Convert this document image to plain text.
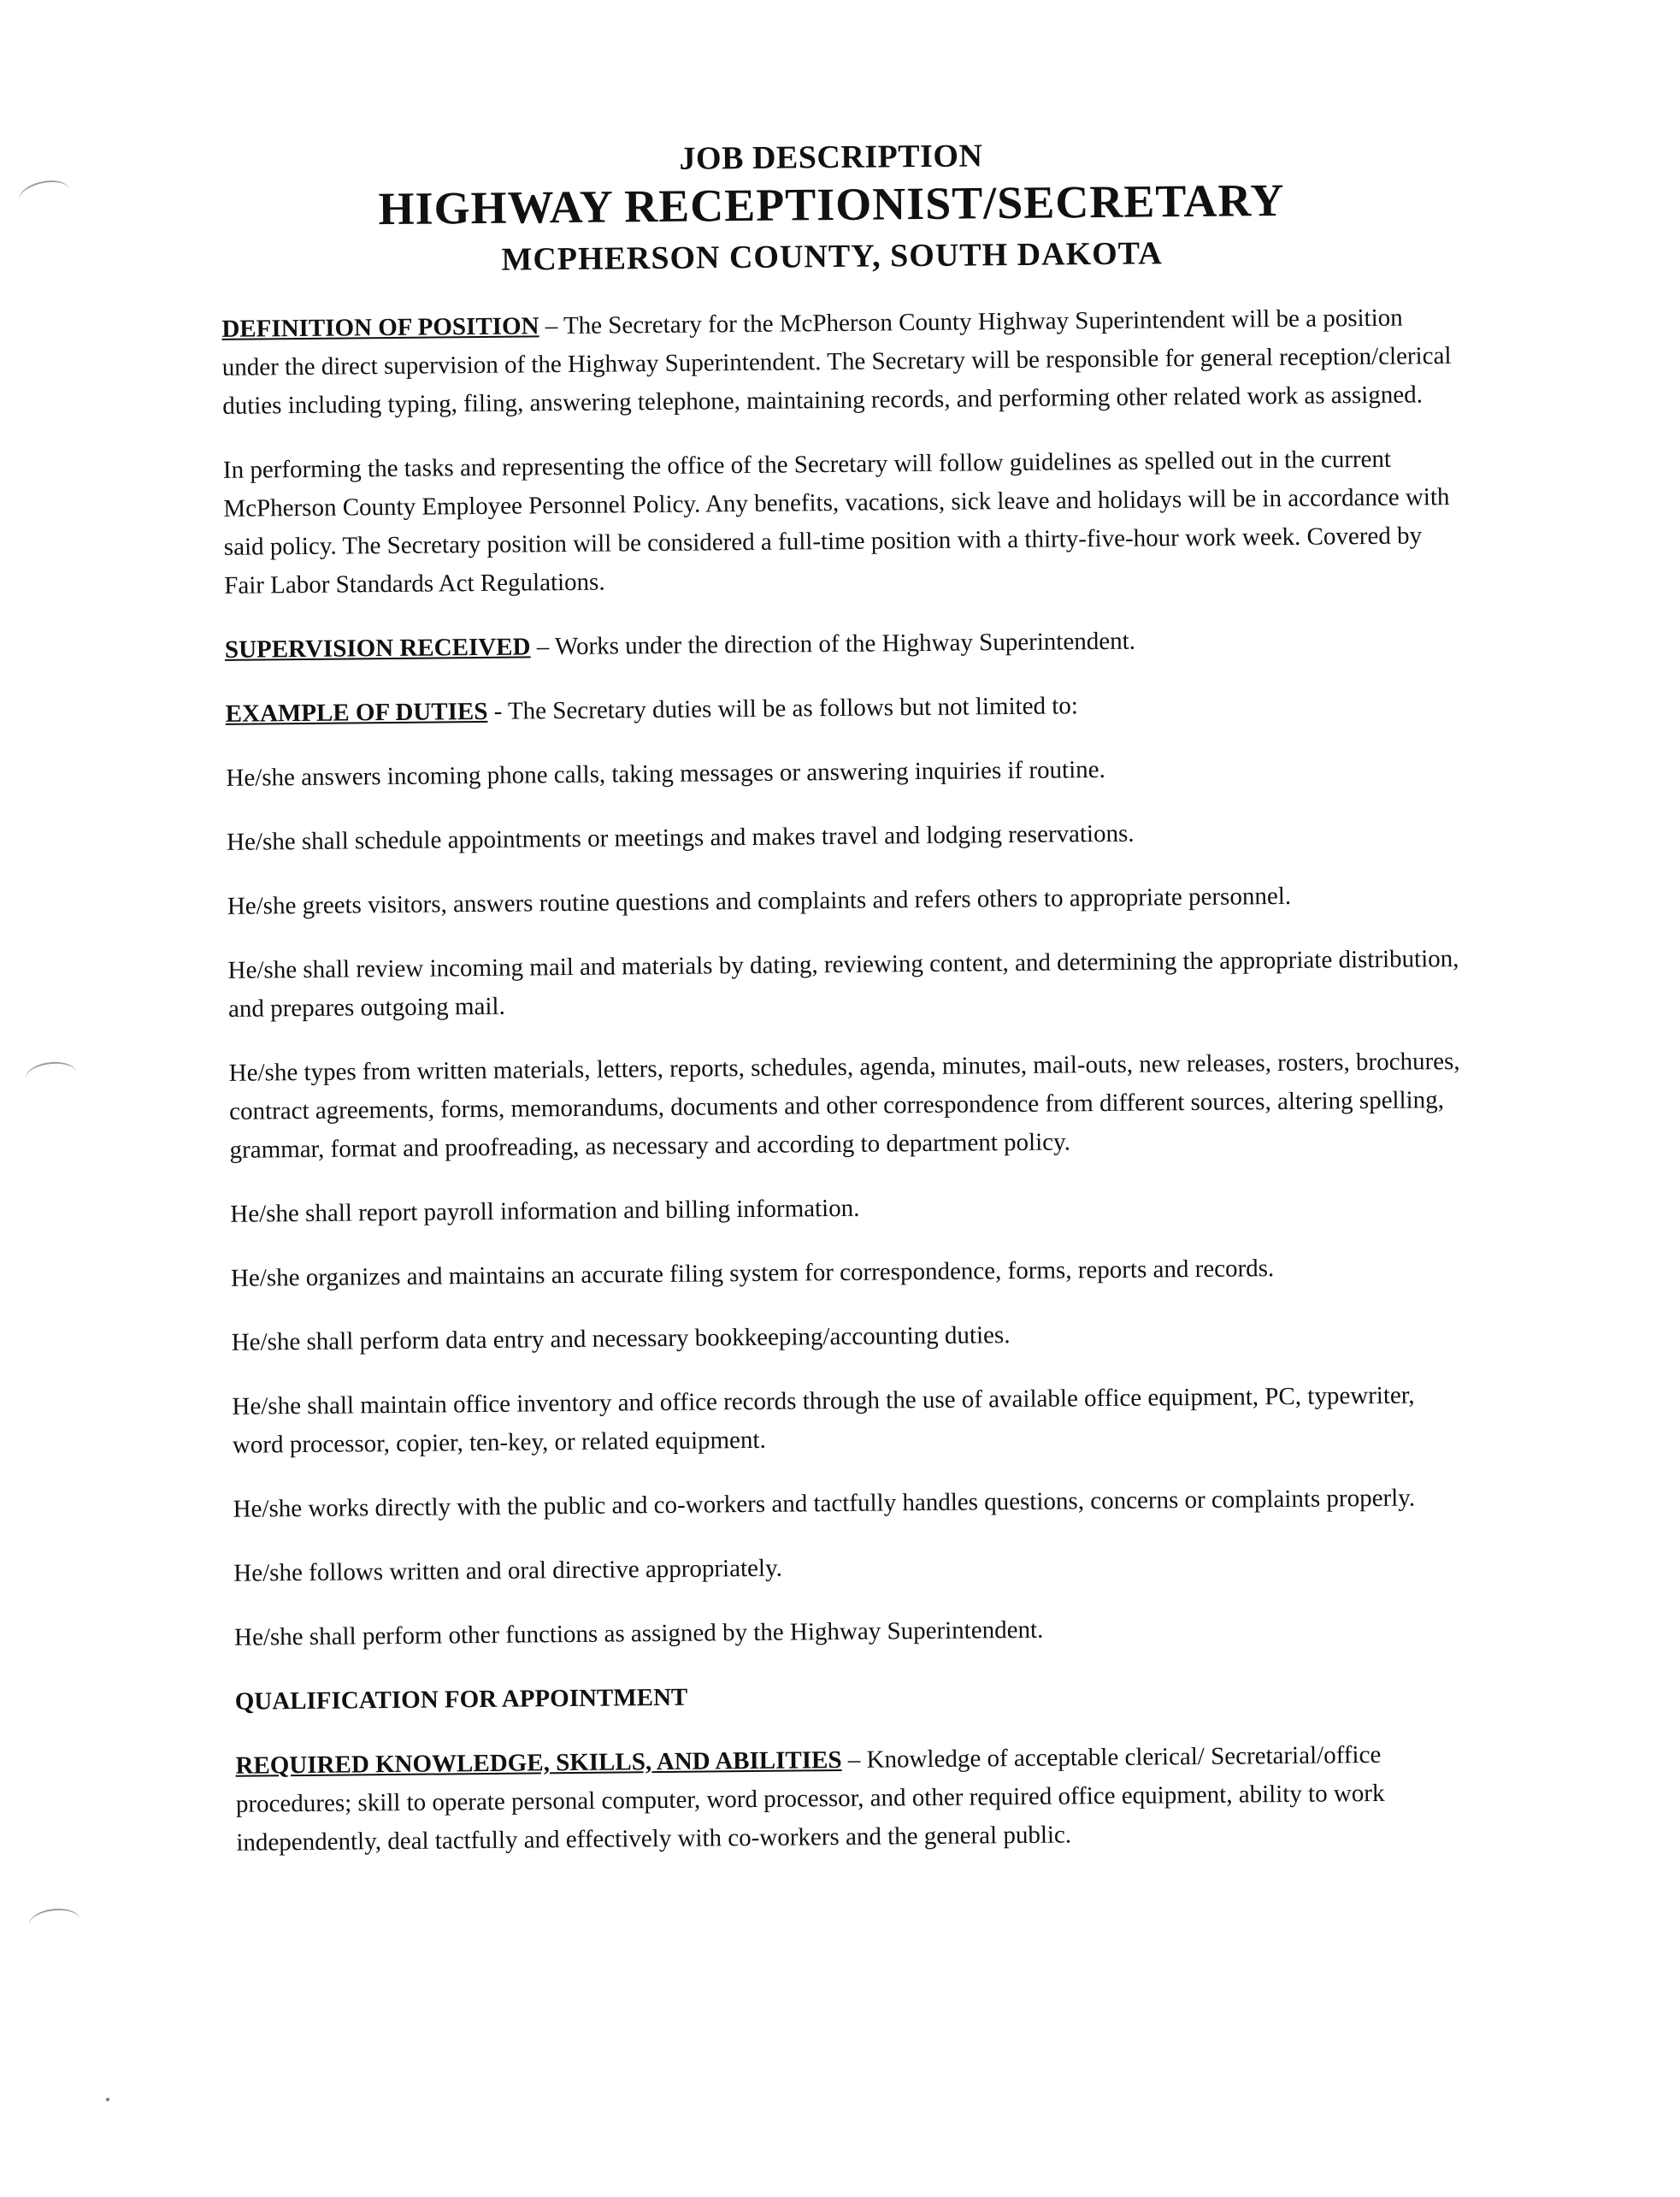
JOB DESCRIPTION
HIGHWAY RECEPTIONIST/SECRETARY
MCPHERSON COUNTY, SOUTH DAKOTA

DEFINITION OF POSITION – The Secretary for the McPherson County Highway Superintendent will be a position under the direct supervision of the Highway Superintendent. The Secretary will be responsible for general reception/clerical duties including typing, filing, answering telephone, maintaining records, and performing other related work as assigned.

In performing the tasks and representing the office of the Secretary will follow guidelines as spelled out in the current McPherson County Employee Personnel Policy. Any benefits, vacations, sick leave and holidays will be in accordance with said policy. The Secretary position will be considered a full-time position with a thirty-five-hour work week. Covered by Fair Labor Standards Act Regulations.

SUPERVISION RECEIVED – Works under the direction of the Highway Superintendent.

EXAMPLE OF DUTIES - The Secretary duties will be as follows but not limited to:

He/she answers incoming phone calls, taking messages or answering inquiries if routine.

He/she shall schedule appointments or meetings and makes travel and lodging reservations.

He/she greets visitors, answers routine questions and complaints and refers others to appropriate personnel.

He/she shall review incoming mail and materials by dating, reviewing content, and determining the appropriate distribution, and prepares outgoing mail.

He/she types from written materials, letters, reports, schedules, agenda, minutes, mail-outs, new releases, rosters, brochures, contract agreements, forms, memorandums, documents and other correspondence from different sources, altering spelling, grammar, format and proofreading, as necessary and according to department policy.

He/she shall report payroll information and billing information.

He/she organizes and maintains an accurate filing system for correspondence, forms, reports and records.

He/she shall perform data entry and necessary bookkeeping/accounting duties.

He/she shall maintain office inventory and office records through the use of available office equipment, PC, typewriter, word processor, copier, ten-key, or related equipment.

He/she works directly with the public and co-workers and tactfully handles questions, concerns or complaints properly.

He/she follows written and oral directive appropriately.

He/she shall perform other functions as assigned by the Highway Superintendent.

QUALIFICATION FOR APPOINTMENT

REQUIRED KNOWLEDGE, SKILLS, AND ABILITIES – Knowledge of acceptable clerical/ Secretarial/office procedures; skill to operate personal computer, word processor, and other required office equipment, ability to work independently, deal tactfully and effectively with co-workers and the general public.
